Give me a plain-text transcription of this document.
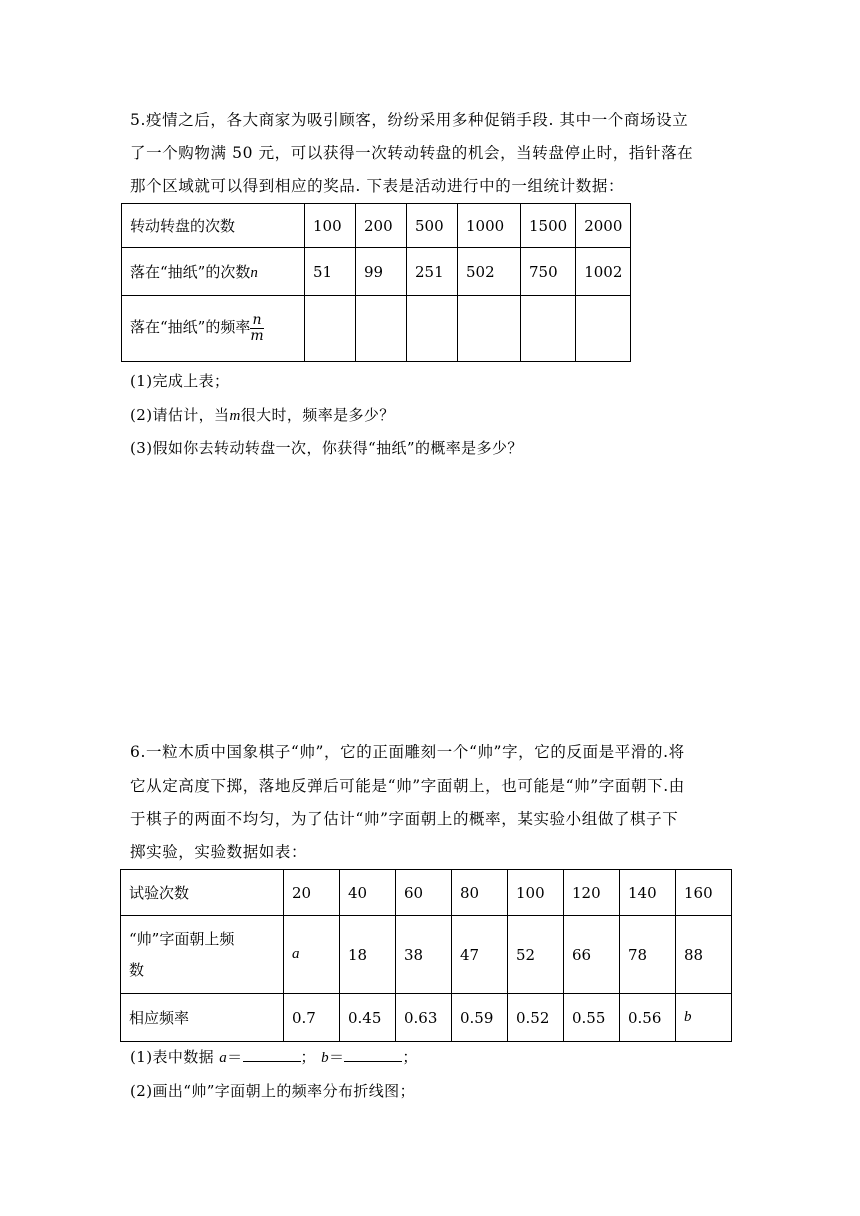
5.疫情之后，各大商家为吸引顾客，纷纷采用多种促销手段. 其中一个商场设立
了一个购物满 50 元，可以获得一次转动转盘的机会，当转盘停止时，指针落在
那个区域就可以得到相应的奖品. 下表是活动进行中的一组统计数据：
转动转盘的次数	100	200	500	1000	1500	2000
落在“抽纸”的次数n	51	99	251	502	750	1002
落在“抽纸”的频率 $\frac{n}{m}$

(1)完成上表；
(2)请估计，当m很大时，频率是多少？
(3)假如你去转动转盘一次，你获得“抽纸”的概率是多少？
6.一粒木质中国象棋子“帅”，它的正面雕刻一个“帅”字，它的反面是平滑的.将
它从定高度下掷，落地反弹后可能是“帅”字面朝上，也可能是“帅”字面朝下.由
于棋子的两面不均匀，为了估计“帅”字面朝上的概率，某实验小组做了棋子下
掷实验，实验数据如表：
试验次数	20	40	60	80	100	120	140	160
“帅”字面朝上频
数	a	18	38	47	52	66	78	88
相应频率	0.7	0.45	0.63	0.59	0.52	0.55	0.56	b
(1)表中数据 a＝	； b＝	；
(2)画出“帅”字面朝上的频率分布折线图；
